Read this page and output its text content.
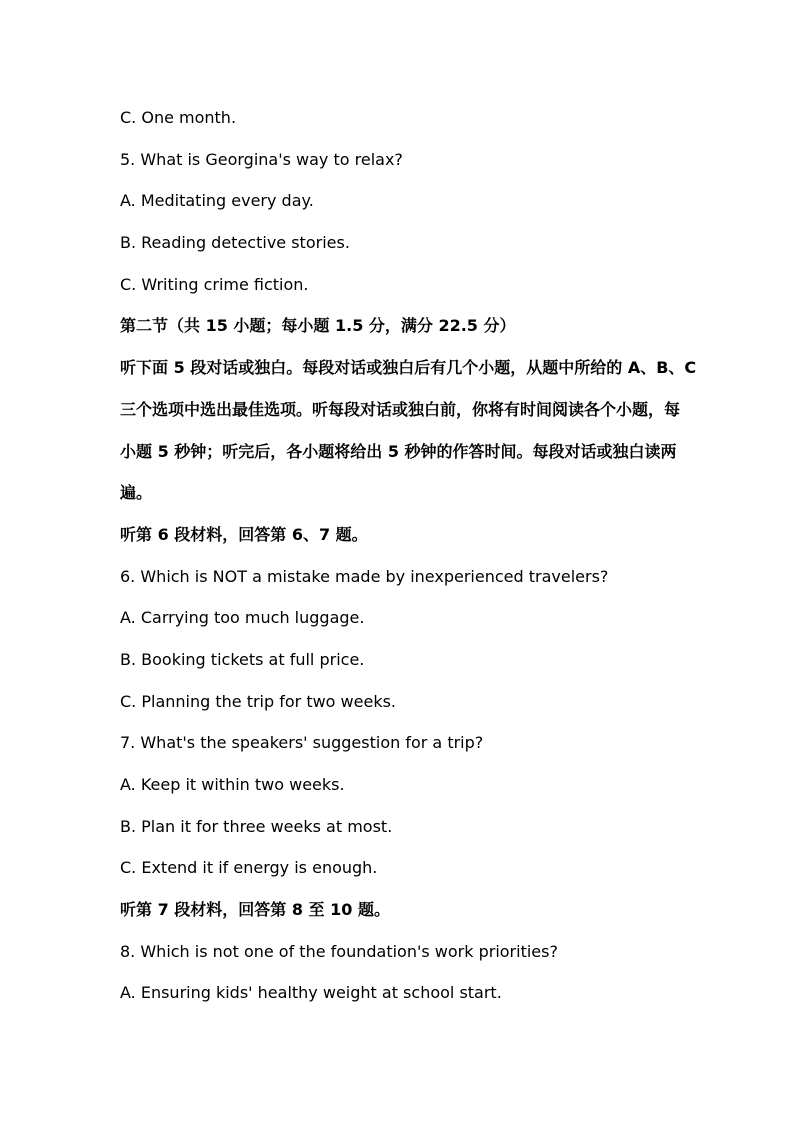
C. One month.
5. What is Georgina's way to relax?
A. Meditating every day.
B. Reading detective stories.
C. Writing crime fiction.
第二节（共 15 小题；每小题 1.5 分，满分 22.5 分）
听下面 5 段对话或独白。每段对话或独白后有几个小题，从题中所给的 A、B、C
三个选项中选出最佳选项。听每段对话或独白前，你将有时间阅读各个小题，每
小题 5 秒钟；听完后，各小题将给出 5 秒钟的作答时间。每段对话或独白读两
遍。
听第 6 段材料，回答第 6、7 题。
6. Which is NOT a mistake made by inexperienced travelers?
A. Carrying too much luggage.
B. Booking tickets at full price.
C. Planning the trip for two weeks.
7. What's the speakers' suggestion for a trip?
A. Keep it within two weeks.
B. Plan it for three weeks at most.
C. Extend it if energy is enough.
听第 7 段材料，回答第 8 至 10 题。
8. Which is not one of the foundation's work priorities?
A. Ensuring kids' healthy weight at school start.
